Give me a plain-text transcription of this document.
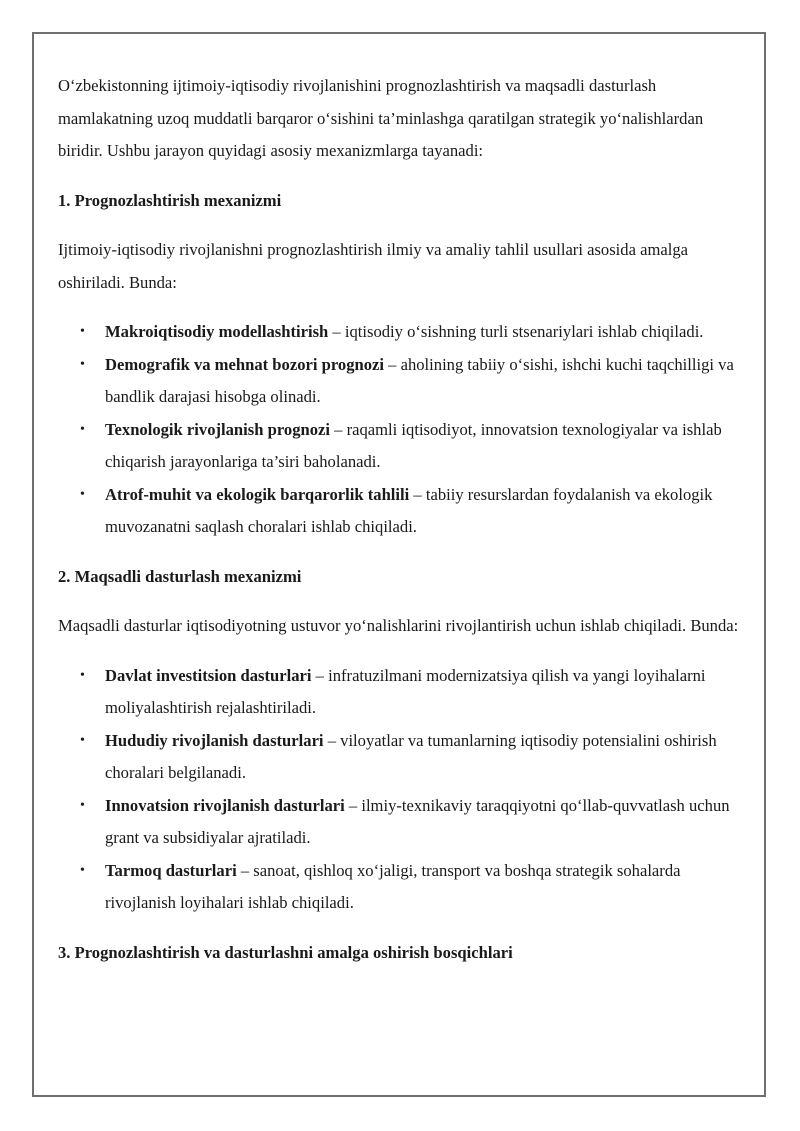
O‘zbekistonning ijtimoiy-iqtisodiy rivojlanishini prognozlashtirish va maqsadli dasturlash mamlakatning uzoq muddatli barqaror o‘sishini ta’minlashga qaratilgan strategik yo‘nalishlardan biridir. Ushbu jarayon quyidagi asosiy mexanizmlarga tayanadi:

1. Prognozlashtirish mexanizmi

Ijtimoiy-iqtisodiy rivojlanishni prognozlashtirish ilmiy va amaliy tahlil usullari asosida amalga oshiriladi. Bunda:

• Makroiqtisodiy modellashtirish – iqtisodiy o‘sishning turli stsenariylari ishlab chiqiladi.
• Demografik va mehnat bozori prognozi – aholining tabiiy o‘sishi, ishchi kuchi taqchilligi va bandlik darajasi hisobga olinadi.
• Texnologik rivojlanish prognozi – raqamli iqtisodiyot, innovatsion texnologiyalar va ishlab chiqarish jarayonlariga ta’siri baholanadi.
• Atrof-muhit va ekologik barqarorlik tahlili – tabiiy resurslardan foydalanish va ekologik muvozanatni saqlash choralari ishlab chiqiladi.

2. Maqsadli dasturlash mexanizmi

Maqsadli dasturlar iqtisodiyotning ustuvor yo‘nalishlarini rivojlantirish uchun ishlab chiqiladi. Bunda:

• Davlat investitsion dasturlari – infratuzilmani modernizatsiya qilish va yangi loyihalarni moliyalashtirish rejalashtiriladi.
• Hududiy rivojlanish dasturlari – viloyatlar va tumanlarning iqtisodiy potensialini oshirish choralari belgilanadi.
• Innovatsion rivojlanish dasturlari – ilmiy-texnikaviy taraqqiyotni qo‘llab-quvvatlash uchun grant va subsidiyalar ajratiladi.
• Tarmoq dasturlari – sanoat, qishloq xo‘jaligi, transport va boshqa strategik sohalarda rivojlanish loyihalari ishlab chiqiladi.

3. Prognozlashtirish va dasturlashni amalga oshirish bosqichlari
